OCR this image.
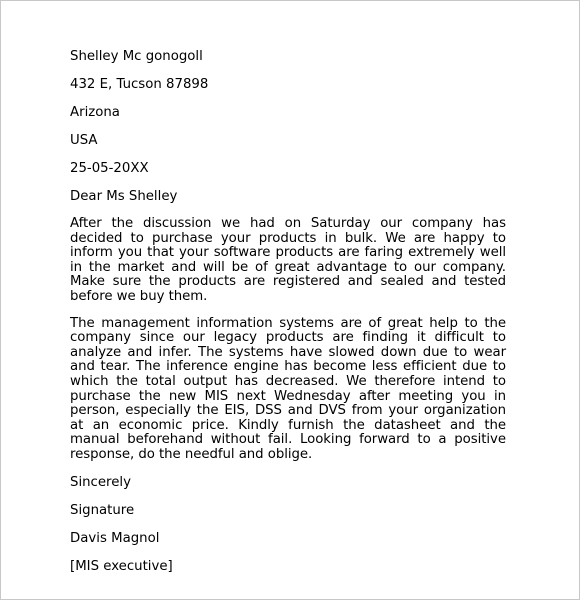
Shelley Mc gonogoll
432 E, Tucson 87898
Arizona
USA
25-05-20XX
Dear Ms Shelley
After the discussion we had on Saturday our company has decided to purchase your products in bulk. We are happy to inform you that your software products are faring extremely well in the market and will be of great advantage to our company. Make sure the products are registered and sealed and tested before we buy them.
The management information systems are of great help to the company since our legacy products are finding it difficult to analyze and infer. The systems have slowed down due to wear and tear. The inference engine has become less efficient due to which the total output has decreased. We therefore intend to purchase the new MIS next Wednesday after meeting you in person, especially the EIS, DSS and DVS from your organization at an economic price. Kindly furnish the datasheet and the manual beforehand without fail. Looking forward to a positive response, do the needful and oblige.
Sincerely
Signature
Davis Magnol
[MIS executive]
